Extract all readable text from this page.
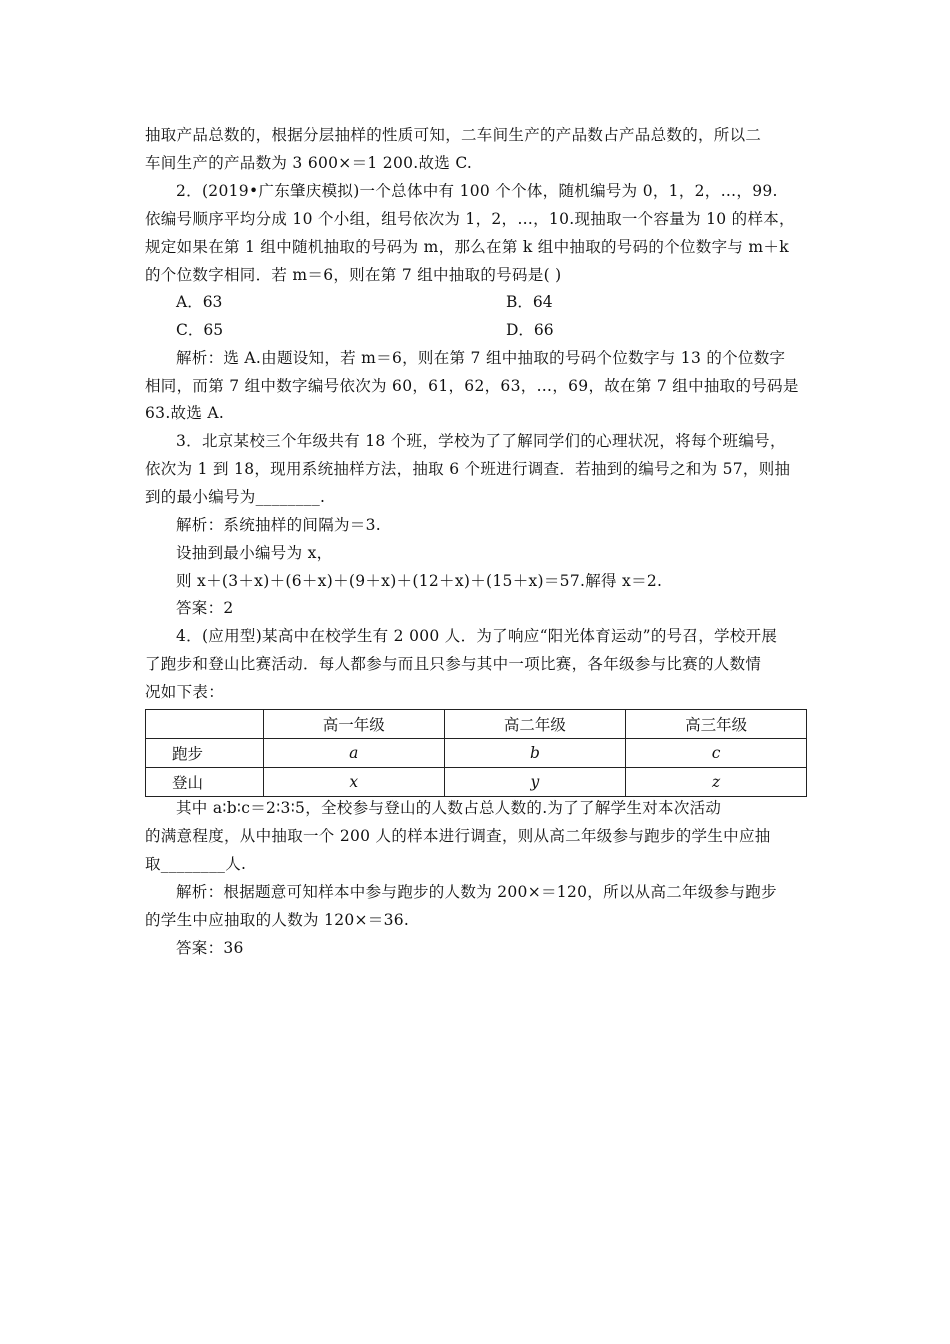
抽取产品总数的，根据分层抽样的性质可知，二车间生产的产品数占产品总数的，所以二
车间生产的产品数为 3 600×＝1 200.故选 C.
2．(2019•广东肇庆模拟)一个总体中有 100 个个体，随机编号为 0，1，2，…，99.
依编号顺序平均分成 10 个小组，组号依次为 1，2，…，10.现抽取一个容量为 10 的样本，
规定如果在第 1 组中随机抽取的号码为 m，那么在第 k 组中抽取的号码的个位数字与 m＋k
的个位数字相同．若 m＝6，则在第 7 组中抽取的号码是( )
A．63	B．64
C．65	D．66
解析：选 A.由题设知，若 m＝6，则在第 7 组中抽取的号码个位数字与 13 的个位数字
相同，而第 7 组中数字编号依次为 60，61，62，63，…，69，故在第 7 组中抽取的号码是
63.故选 A.
3．北京某校三个年级共有 18 个班，学校为了了解同学们的心理状况，将每个班编号，
依次为 1 到 18，现用系统抽样方法，抽取 6 个班进行调查．若抽到的编号之和为 57，则抽
到的最小编号为________.
解析：系统抽样的间隔为＝3.
设抽到最小编号为 x，
则 x＋(3＋x)＋(6＋x)＋(9＋x)＋(12＋x)＋(15＋x)＝57.解得 x＝2.
答案：2
4．(应用型)某高中在校学生有 2 000 人．为了响应“阳光体育运动”的号召，学校开展
了跑步和登山比赛活动．每人都参与而且只参与其中一项比赛，各年级参与比赛的人数情
况如下表：
	高一年级	高二年级	高三年级
跑步	a	b	c
登山	x	y	z
其中 a∶b∶c＝2∶3∶5，全校参与登山的人数占总人数的.为了了解学生对本次活动
的满意程度，从中抽取一个 200 人的样本进行调查，则从高二年级参与跑步的学生中应抽
取________人.
解析：根据题意可知样本中参与跑步的人数为 200×＝120，所以从高二年级参与跑步
的学生中应抽取的人数为 120×＝36.
答案：36
